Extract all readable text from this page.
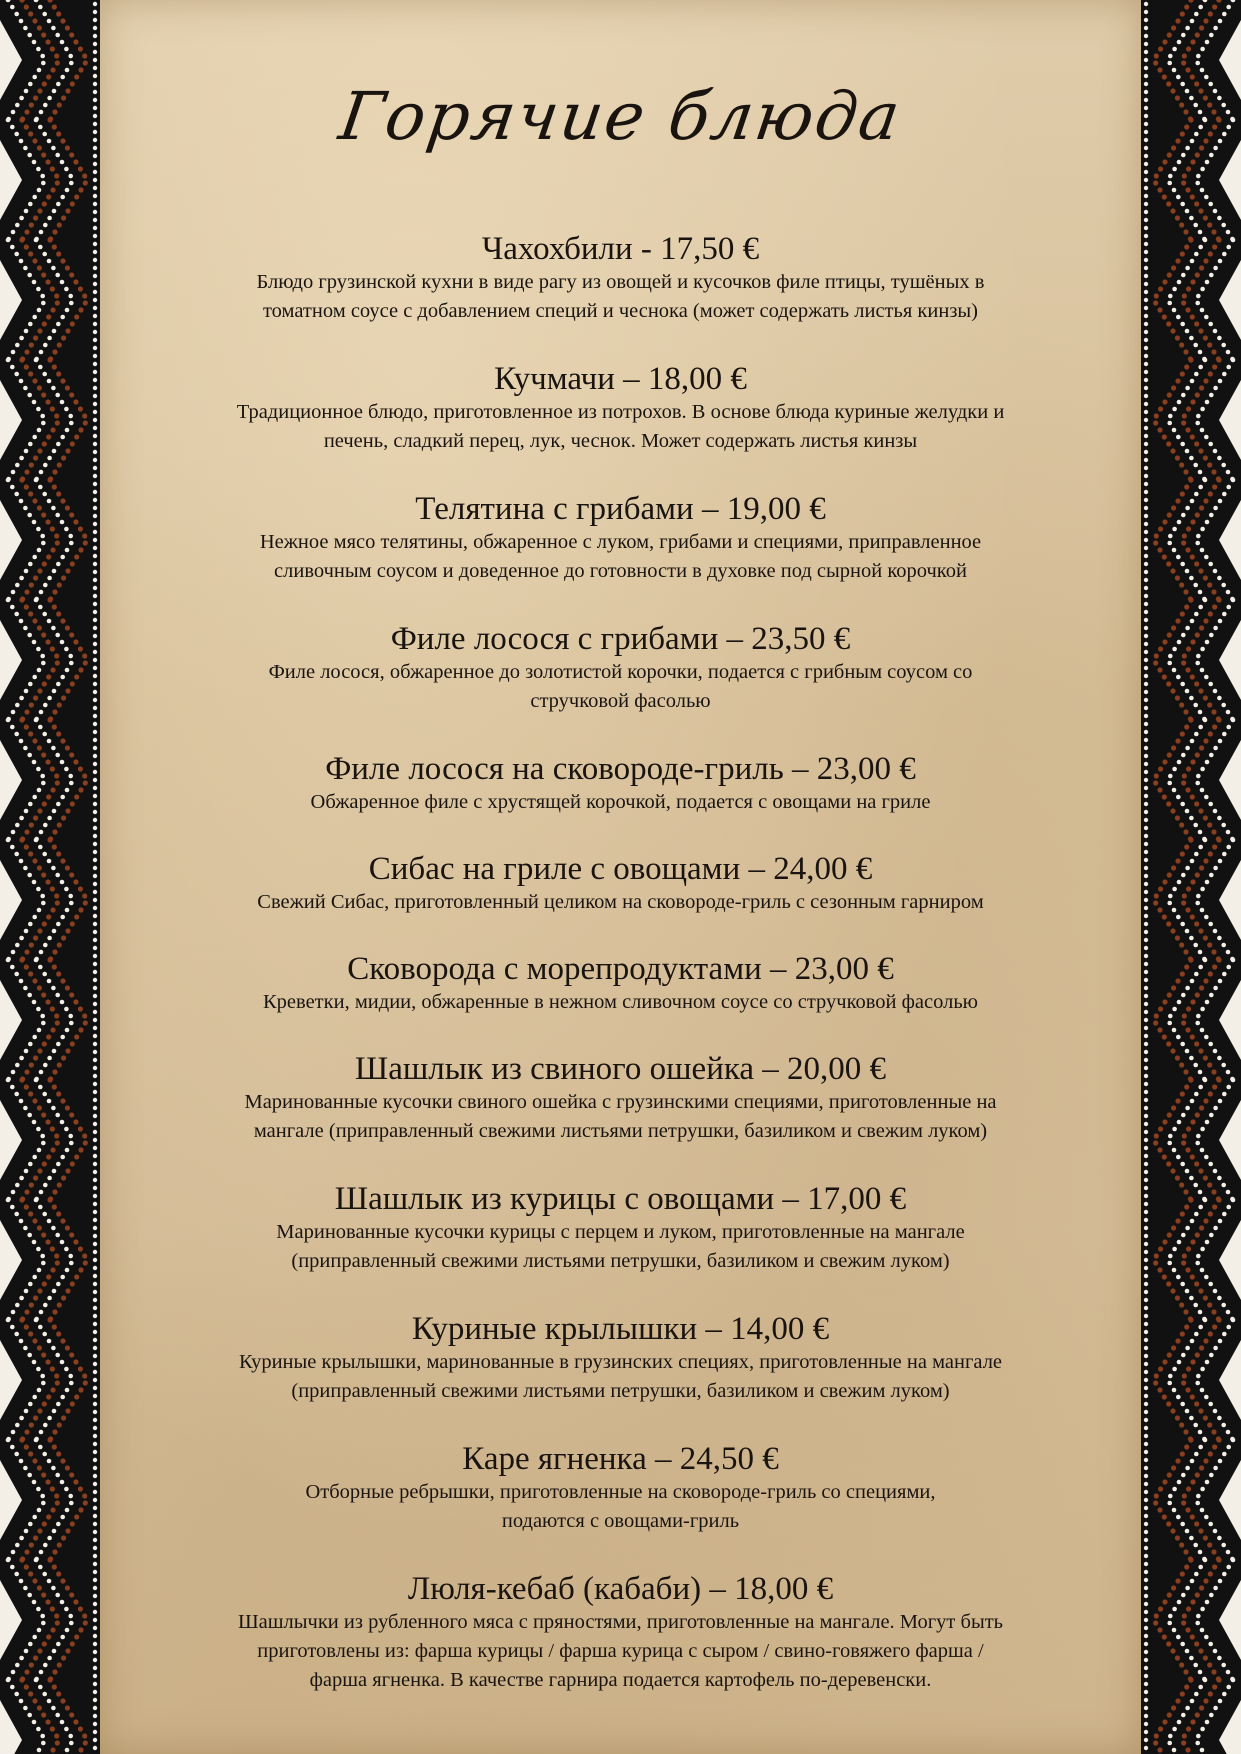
Горячие блюда
Чахохбили - 17,50 €
Блюдо грузинской кухни в виде рагу из овощей и кусочков филе птицы, тушёных в
томатном соусе с добавлением специй и чеснока (может содержать листья кинзы)
Кучмачи – 18,00 €
Традиционное блюдо, приготовленное из потрохов. В основе блюда куриные желудки и
печень, сладкий перец, лук, чеснок. Может содержать листья кинзы
Телятина с грибами – 19,00 €
Нежное мясо телятины, обжаренное с луком, грибами и специями, приправленное
сливочным соусом и доведенное до готовности в духовке под сырной корочкой
Филе лосося с грибами – 23,50 €
Филе лосося, обжаренное до золотистой корочки, подается с грибным соусом со
стручковой фасолью
Филе лосося на сковороде-гриль – 23,00 €
Обжаренное филе с хрустящей корочкой, подается с овощами на гриле
Сибас на гриле с овощами – 24,00 €
Свежий Сибас, приготовленный целиком на сковороде-гриль с сезонным гарниром
Сковорода с морепродуктами – 23,00 €
Креветки, мидии, обжаренные в нежном сливочном соусе со стручковой фасолью
Шашлык из свиного ошейка – 20,00 €
Маринованные кусочки свиного ошейка с грузинскими специями, приготовленные на
мангале (приправленный свежими листьями петрушки, базиликом и свежим луком)
Шашлык из курицы с овощами – 17,00 €
Маринованные кусочки курицы с перцем и луком, приготовленные на мангале
(приправленный свежими листьями петрушки, базиликом и свежим луком)
Куриные крылышки – 14,00 €
Куриные крылышки, маринованные в грузинских специях, приготовленные на мангале
(приправленный свежими листьями петрушки, базиликом и свежим луком)
Каре ягненка – 24,50 €
Отборные ребрышки, приготовленные на сковороде-гриль со специями,
подаются с овощами-гриль
Люля-кебаб (кабаби) – 18,00 €
Шашлычки из рубленного мяса с пряностями, приготовленные на мангале. Могут быть
приготовлены из: фарша курицы / фарша курица с сыром / свино-говяжего фарша /
фарша ягненка. В качестве гарнира подается картофель по-деревенски.
